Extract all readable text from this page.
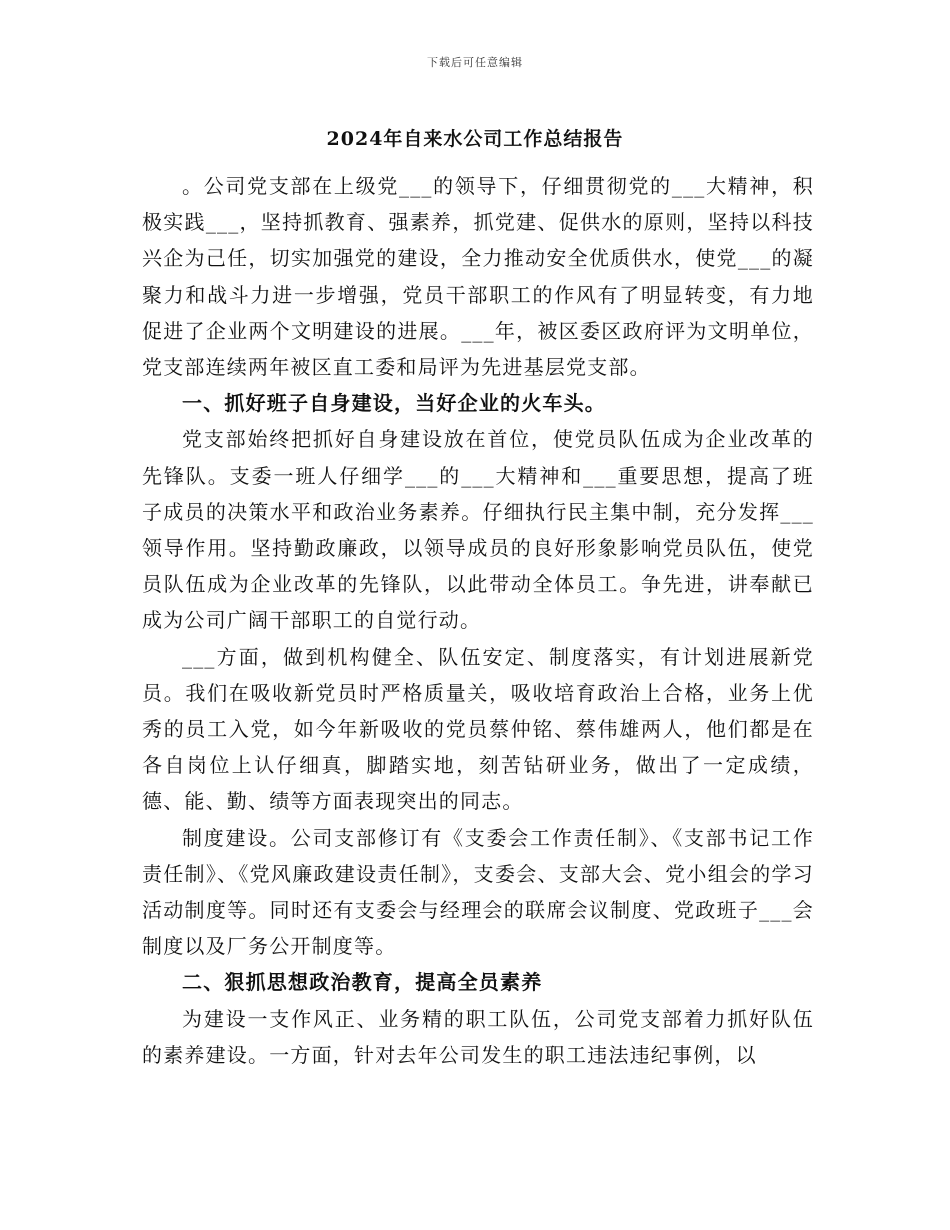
下载后可任意编辑
2024年自来水公司工作总结报告

。公司党支部在上级党___的领导下，仔细贯彻党的___大精神，积极实践___，坚持抓教育、强素养，抓党建、促供水的原则，坚持以科技兴企为己任，切实加强党的建设，全力推动安全优质供水，使党___的凝聚力和战斗力进一步增强，党员干部职工的作风有了明显转变，有力地促进了企业两个文明建设的进展。___年，被区委区政府评为文明单位，党支部连续两年被区直工委和局评为先进基层党支部。

一、抓好班子自身建设，当好企业的火车头。

党支部始终把抓好自身建设放在首位，使党员队伍成为企业改革的先锋队。支委一班人仔细学___的___大精神和___重要思想，提高了班子成员的决策水平和政治业务素养。仔细执行民主集中制，充分发挥___领导作用。坚持勤政廉政，以领导成员的良好形象影响党员队伍，使党员队伍成为企业改革的先锋队，以此带动全体员工。争先进，讲奉献已成为公司广阔干部职工的自觉行动。

___方面，做到机构健全、队伍安定、制度落实，有计划进展新党员。我们在吸收新党员时严格质量关，吸收培育政治上合格，业务上优秀的员工入党，如今年新吸收的党员蔡仲铭、蔡伟雄两人，他们都是在各自岗位上认仔细真，脚踏实地，刻苦钻研业务，做出了一定成绩，德、能、勤、绩等方面表现突出的同志。

制度建设。公司支部修订有《支委会工作责任制》、《支部书记工作责任制》、《党风廉政建设责任制》，支委会、支部大会、党小组会的学习活动制度等。同时还有支委会与经理会的联席会议制度、党政班子___会制度以及厂务公开制度等。

二、狠抓思想政治教育，提高全员素养

为建设一支作风正、业务精的职工队伍，公司党支部着力抓好队伍的素养建设。一方面，针对去年公司发生的职工违法违纪事例，以
